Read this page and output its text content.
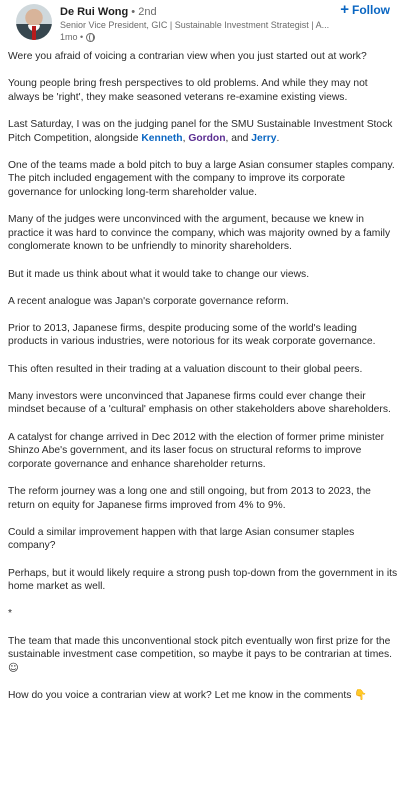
De Rui Wong • 2nd
Senior Vice President, GIC | Sustainable Investment Strategist | A...
1mo •
+ Follow

Were you afraid of voicing a contrarian view when you just started out at work?

Young people bring fresh perspectives to old problems. And while they may not always be 'right', they make seasoned veterans re-examine existing views.

Last Saturday, I was on the judging panel for the SMU Sustainable Investment Stock Pitch Competition, alongside Kenneth, Gordon, and Jerry.

One of the teams made a bold pitch to buy a large Asian consumer staples company. The pitch included engagement with the company to improve its corporate governance for unlocking long-term shareholder value.

Many of the judges were unconvinced with the argument, because we knew in practice it was hard to convince the company, which was majority owned by a family conglomerate known to be unfriendly to minority shareholders.

But it made us think about what it would take to change our views.

A recent analogue was Japan's corporate governance reform.

Prior to 2013, Japanese firms, despite producing some of the world's leading products in various industries, were notorious for its weak corporate governance.

This often resulted in their trading at a valuation discount to their global peers.

Many investors were unconvinced that Japanese firms could ever change their mindset because of a 'cultural' emphasis on other stakeholders above shareholders.

A catalyst for change arrived in Dec 2012 with the election of former prime minister Shinzo Abe's government, and its laser focus on structural reforms to improve corporate governance and enhance shareholder returns.

The reform journey was a long one and still ongoing, but from 2013 to 2023, the return on equity for Japanese firms improved from 4% to 9%.

Could a similar improvement happen with that large Asian consumer staples company?

Perhaps, but it would likely require a strong push top-down from the government in its home market as well.

*

The team that made this unconventional stock pitch eventually won first prize for the sustainable investment case competition, so maybe it pays to be contrarian at times. ☺

How do you voice a contrarian view at work? Let me know in the comments 👇
